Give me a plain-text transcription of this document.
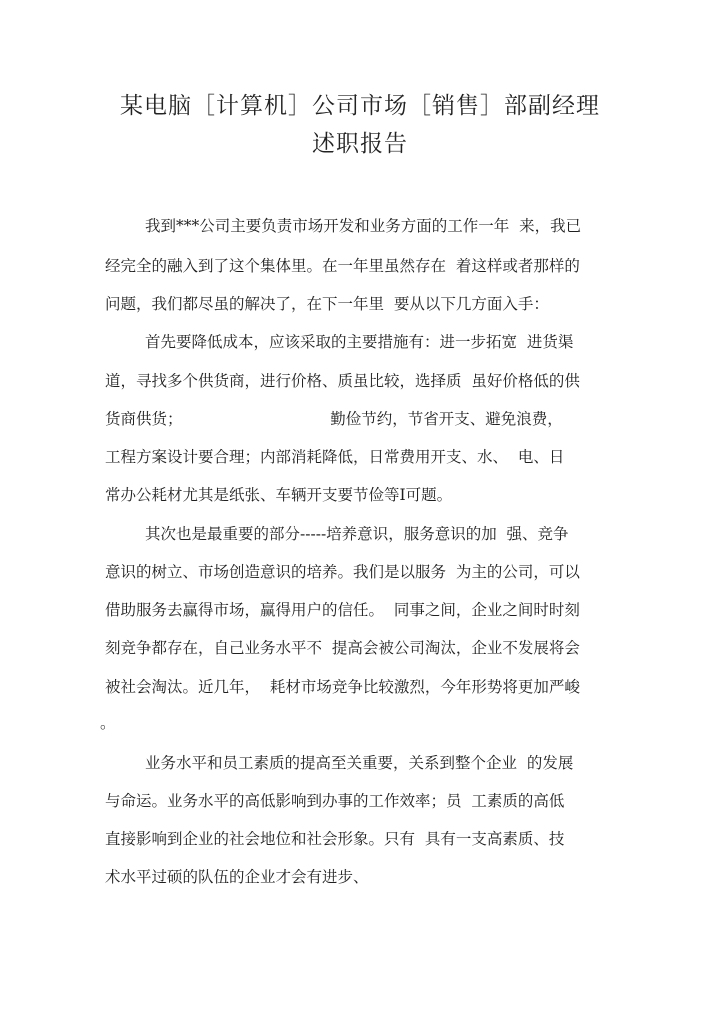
某电脑［计算机］公司市场［销售］部副经理
述职报告
我到***公司主要负责市场开发和业务方面的工作一年  来，我已
经完全的融入到了这个集体里。在一年里虽然存在  着这样或者那样的
问题，我们都尽虽的解决了，在下一年里  要从以下几方面入手：
首先要降低成本，应该采取的主要措施有：进一步拓宽  进货渠
道，寻找多个供货商，进行价格、质虽比较，选择质  虽好价格低的供
货商供货；                              勤俭节约，节省开支、避免浪费，
工程方案设计要合理；内部消耗降低，日常费用开支、水、  电、日
常办公耗材尤其是纸张、车辆开支要节俭等I可题。
其次也是最重要的部分-----培养意识，服务意识的加  强、竞争
意识的树立、市场创造意识的培养。我们是以服务  为主的公司，可以
借助服务去赢得市场，赢得用户的信任。  同事之间，企业之间时时刻
刻竞争都存在，自己业务水平不  提高会被公司淘汰，企业不发展将会
被社会淘汰。近几年，  耗材市场竞争比较激烈，今年形势将更加严峻
。
业务水平和员工素质的提高至关重要，关系到整个企业  的发展
与命运。业务水平的高低影响到办事的工作效率；员  工素质的高低
直接影响到企业的社会地位和社会形象。只有  具有一支高素质、技
术水平过硕的队伍的企业才会有进步、
